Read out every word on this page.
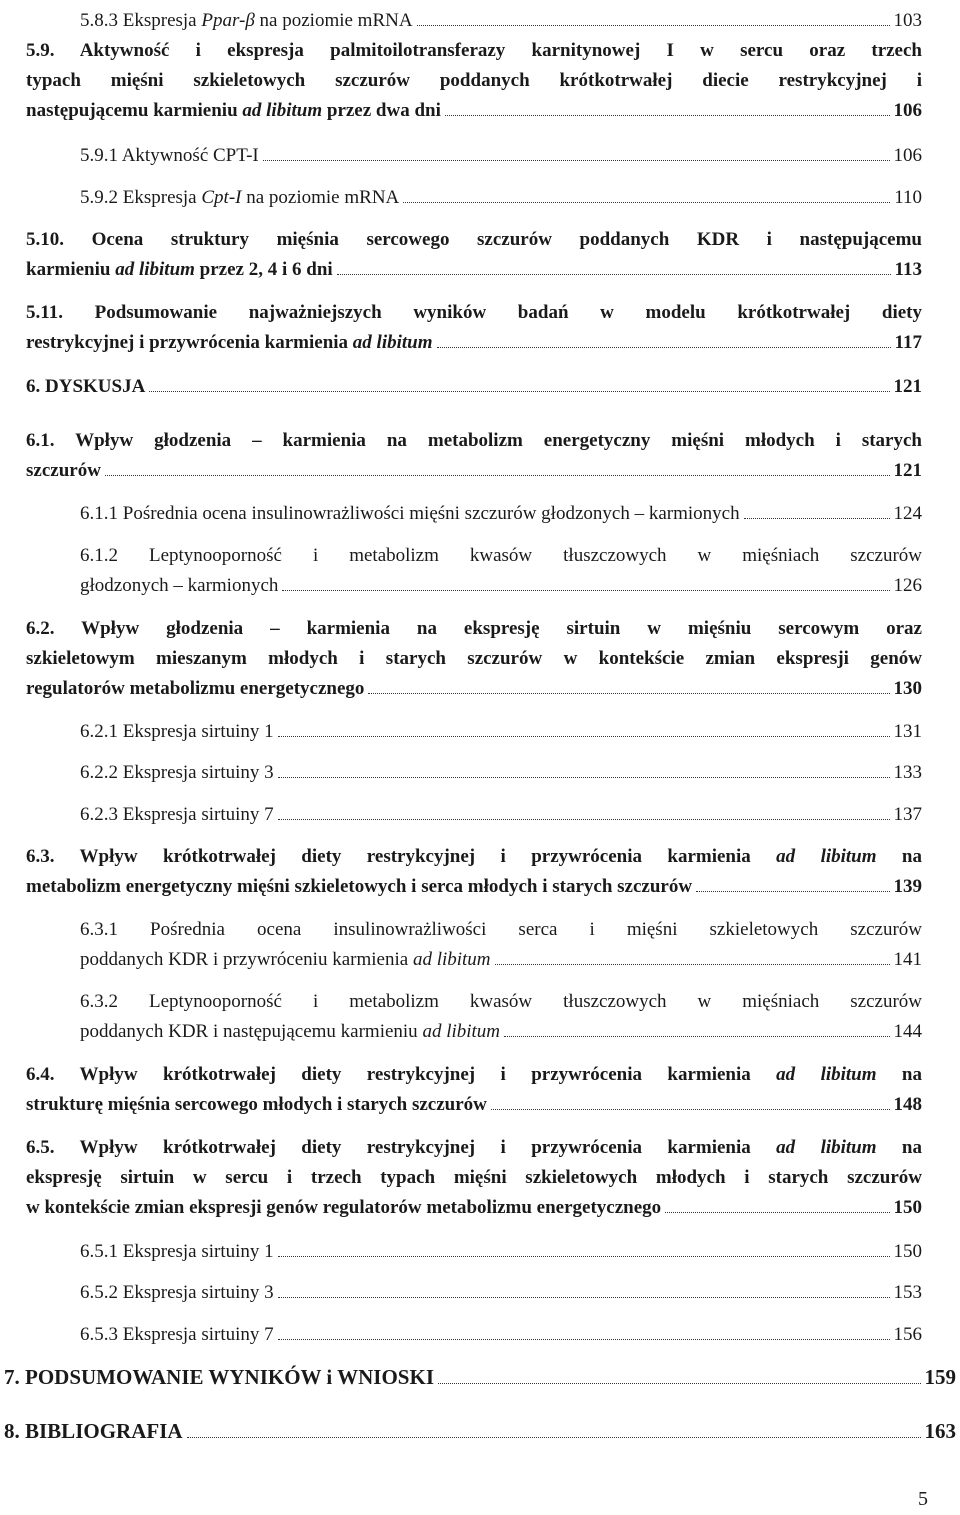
5.8.3 Ekspresja Ppar-β na poziomie mRNA	103
5.9. Aktywność i ekspresja palmitoilotransferazy karnitynowej I w sercu oraz trzech
typach mięśni szkieletowych szczurów poddanych krótkotrwałej diecie restrykcyjnej i
następującemu karmieniu ad libitum przez dwa dni	106
5.9.1 Aktywność CPT-I	106
5.9.2 Ekspresja Cpt-I na poziomie mRNA	110
5.10. Ocena struktury mięśnia sercowego szczurów poddanych KDR i następującemu
karmieniu ad libitum przez 2, 4 i 6 dni	113
5.11. Podsumowanie najważniejszych wyników badań w modelu krótkotrwałej diety
restrykcyjnej i przywrócenia karmienia ad libitum	117
6. DYSKUSJA	121
6.1. Wpływ głodzenia – karmienia na metabolizm energetyczny mięśni młodych i starych
szczurów	121
6.1.1 Pośrednia ocena insulinowrażliwości mięśni szczurów głodzonych – karmionych	124
6.1.2 Leptynooporność i metabolizm kwasów tłuszczowych w mięśniach szczurów
głodzonych – karmionych	126
6.2. Wpływ głodzenia – karmienia na ekspresję sirtuin w mięśniu sercowym oraz
szkieletowym mieszanym młodych i starych szczurów w kontekście zmian ekspresji genów
regulatorów metabolizmu energetycznego	130
6.2.1 Ekspresja sirtuiny 1	131
6.2.2 Ekspresja sirtuiny 3	133
6.2.3 Ekspresja sirtuiny 7	137
6.3. Wpływ krótkotrwałej diety restrykcyjnej i przywrócenia karmienia ad libitum na
metabolizm energetyczny mięśni szkieletowych i serca młodych i starych szczurów	139
6.3.1 Pośrednia ocena insulinowrażliwości serca i mięśni szkieletowych szczurów
poddanych KDR i przywróceniu karmienia ad libitum	141
6.3.2 Leptynooporność i metabolizm kwasów tłuszczowych w mięśniach szczurów
poddanych KDR i następującemu karmieniu ad libitum	144
6.4. Wpływ krótkotrwałej diety restrykcyjnej i przywrócenia karmienia ad libitum na
strukturę mięśnia sercowego młodych i starych szczurów	148
6.5. Wpływ krótkotrwałej diety restrykcyjnej i przywrócenia karmienia ad libitum na
ekspresję sirtuin w sercu i trzech typach mięśni szkieletowych młodych i starych szczurów
w kontekście zmian ekspresji genów regulatorów metabolizmu energetycznego	150
6.5.1 Ekspresja sirtuiny 1	150
6.5.2 Ekspresja sirtuiny 3	153
6.5.3 Ekspresja sirtuiny 7	156
7. PODSUMOWANIE WYNIKÓW i WNIOSKI	159
8. BIBLIOGRAFIA	163
5
